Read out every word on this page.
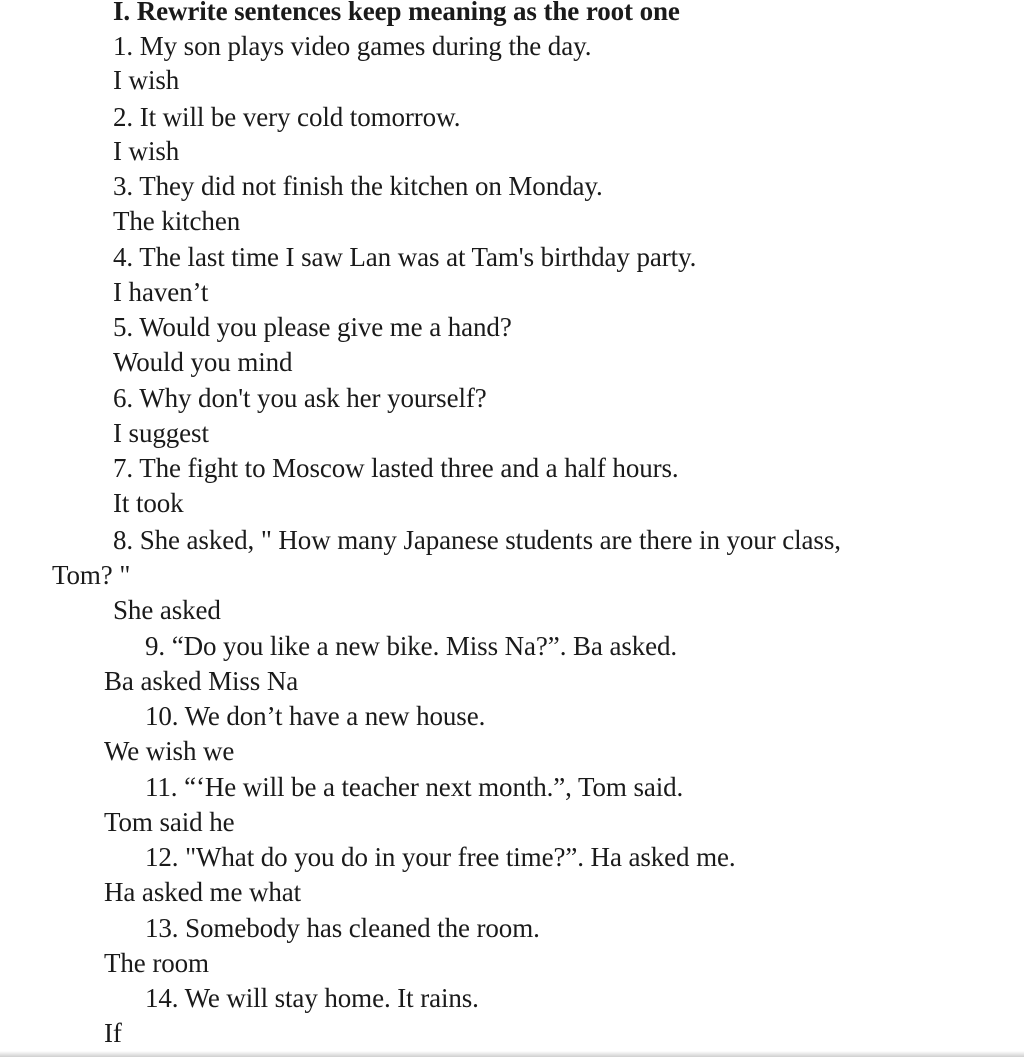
I. Rewrite sentences keep meaning as the root one
1. My son plays video games during the day.
I wish
2. It will be very cold tomorrow.
I wish
3. They did not finish the kitchen on Monday.
The kitchen
4. The last time I saw Lan was at Tam's birthday party.
I haven’t
5. Would you please give me a hand?
Would you mind
6. Why don't you ask her yourself?
I suggest
7. The fight to Moscow lasted three and a half hours.
It took
8. She asked, " How many Japanese students are there in your class,
Tom? "
She asked
9. “Do you like a new bike. Miss Na?”. Ba asked.
Ba asked Miss Na
10. We don’t have a new house.
We wish we
11. “‘He will be a teacher next month.”, Tom said.
Tom said he
12. "What do you do in your free time?”. Ha asked me.
Ha asked me what
13. Somebody has cleaned the room.
The room
14. We will stay home. It rains.
If
